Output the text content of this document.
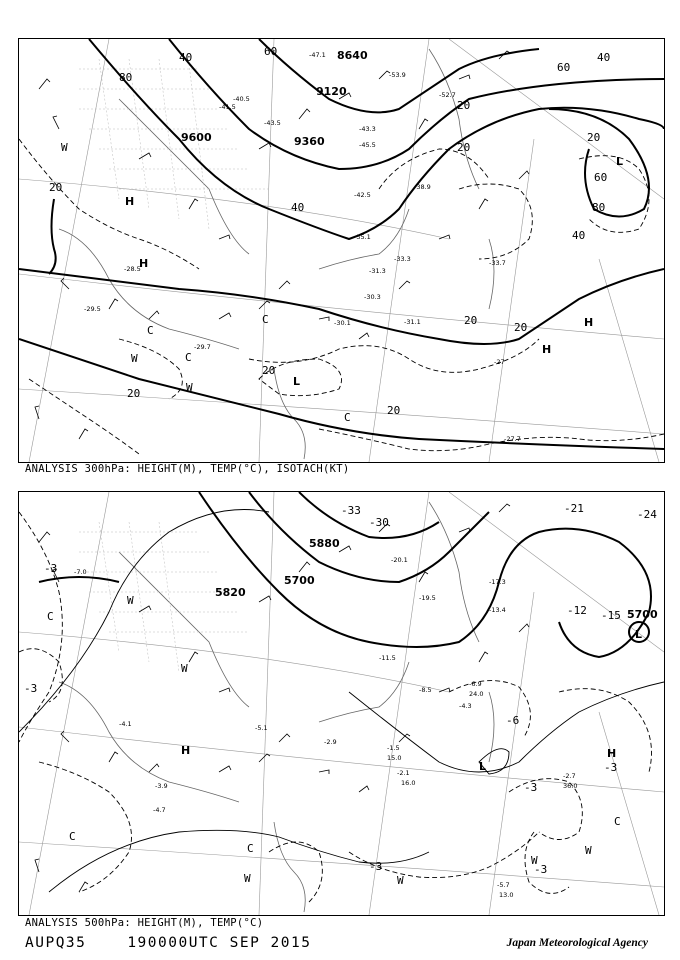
8640
9120
9600	9360
60
80
40
20
60
40
20
60
80
40
20
20
40
20
20
20
20
20
H
H
H
H
L
L
W
W
W
C
C
C
C
-41.5
-43.5
-40.5
-42.5
-38.9
-35.1
-33.3
-31.3
-30.3
-31.1
-27.7
-28.5
-30.1
-29.5
-27
-29.7
-43.3
-45.5
-47.1
-53.9
-52.7
-33.7
ANALYSIS 300hPa: HEIGHT(M), TEMP(°C), ISOTACH(KT)
5700
5820
5700
5880
-3
-3
-6
-3
-3
-3
-12 -15
-21	-24
-33
-30
-3
H	H
L
L
C
C
C
C
W
W
W	W
W
W
-4.1
-1.5
-2.1	-2.7
-5.7
-6.9
-8.5
-11.5
-13.4
-17.3
-19.5
-20.1
-5.1
-4.7
-3.9
-2.9
-7.0
-4.3
13.0
15.0
16.0
24.0
36.0
ANALYSIS 500hPa: HEIGHT(M), TEMP(°C)
AUPQ35	190000UTC SEP 2015	Japan Meteorological Agency
